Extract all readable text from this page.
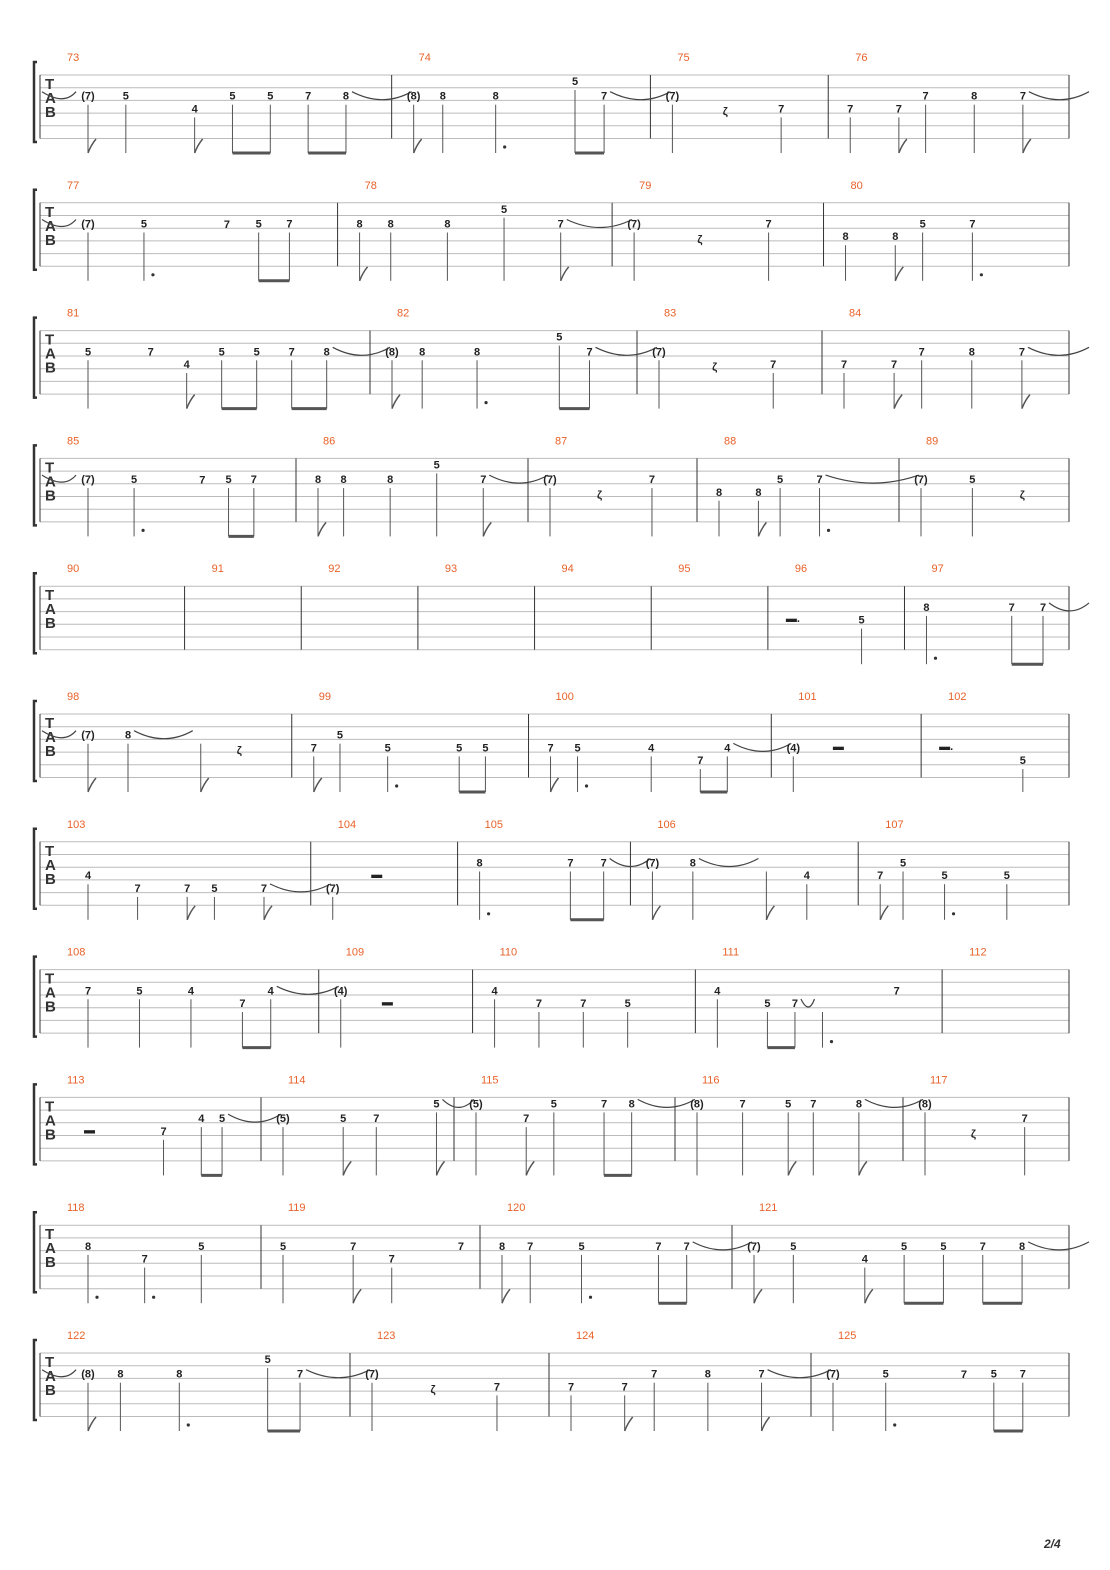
T
A
B
73
(7)	5
4
5	5	7	8
74
(8) 8	8
5
7
75
(7)
ζ	7
76
7	7
7	8	7
T
A
B
77
(7)	5	7 5 7
78
8 8	8
5
7
79
(7)
ζ
7
80
8	8
5	7
T
A
B
81
5	7
4
5	5	7	8
82
(8) 8	8
5
7
83
(7)
ζ	7
84
7	7
7	8	7
T
A
B
85
(7)	5	7 5 7
86
8 8	8
5
7
87
(7)
ζ
7
88
8	8
5	7
89
(7)	5
ζ
T
A
B
90	91	92	93	94	95	96
▬.	5
97
8	7 7
T
A
B
98
(7)	8
ζ
99
7
5
5	5 5
100
7 5	4
7
4
101
(4)	▬
102
▬.
5
T
A
B
103
4
7	7 5	7
104
(7)
▬
105
8	7 7
106
(7)	8
4
107
7
5
5	5
T
A
B
108
7	5	4
7
4
109
(4)
▬
110
4
7	7	5
111
4
5 7
7
112
T
A
B
113
▬	7
4 5
114
(5)	5 7
5
115
(5)
7
5	7 8
116
(8)	7	5 7	8
117
(8)
ζ
7
T
A
B
118
8
7
5
119
5	7
7
7
120
8 7	5	7 7
121
(7)	5
4
5	5	7	8
T
A
B
122
(8) 8	8
5
7
123
(7)
ζ	7
124
7	7
7	8	7
125
(7)	5	7 5 7
2/4
